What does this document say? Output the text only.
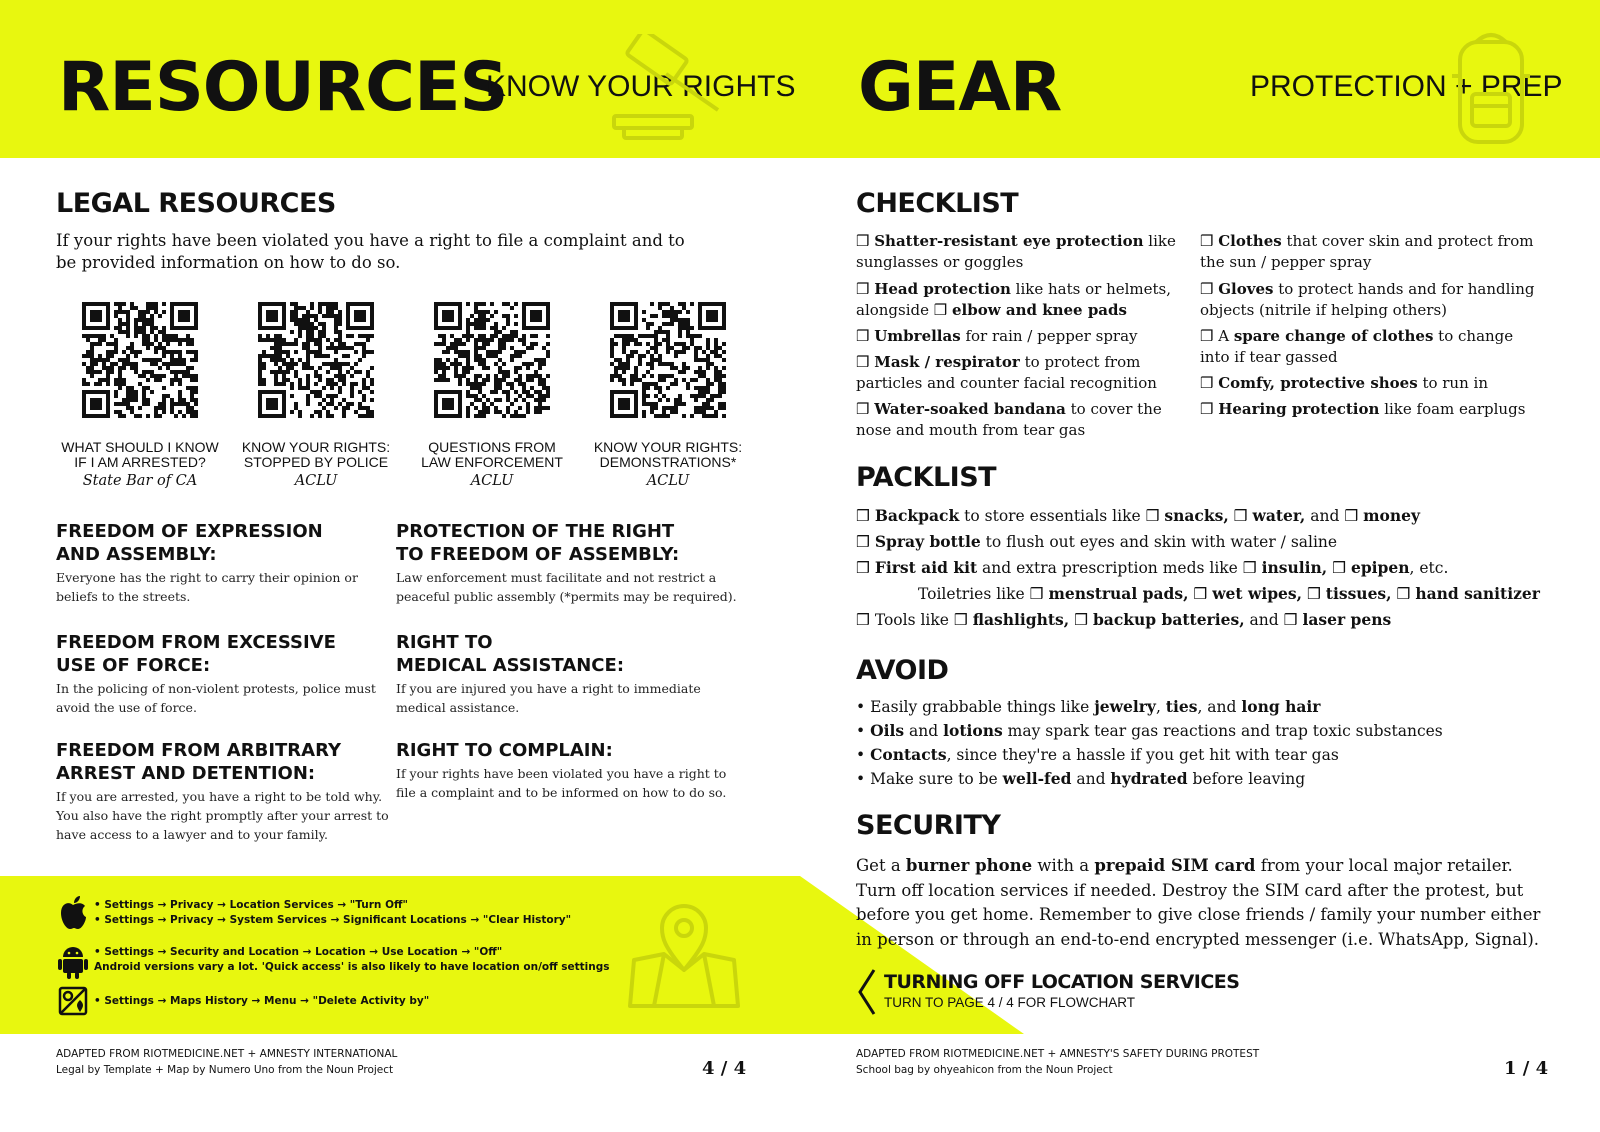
RESOURCES
KNOW YOUR RIGHTS GEAR	PROTECTION + PREP
LEGAL RESOURCES
If your rights have been violated you have a right to file a complaint and to be provided information on how to do so.
WHAT SHOULD I KNOW
IF I AM ARRESTED?
State Bar of CA
KNOW YOUR RIGHTS:
STOPPED BY POLICE
ACLU
QUESTIONS FROM
LAW ENFORCEMENT
ACLU
KNOW YOUR RIGHTS:
DEMONSTRATIONS*
ACLU
FREEDOM OF EXPRESSION
AND ASSEMBLY:
Everyone has the right to carry their opinion or beliefs to the streets.
PROTECTION OF THE RIGHT
TO FREEDOM OF ASSEMBLY:
Law enforcement must facilitate and not restrict a peaceful public assembly (*permits may be required).
FREEDOM FROM EXCESSIVE
USE OF FORCE:
In the policing of non-violent protests, police must avoid the use of force.
RIGHT TO
MEDICAL ASSISTANCE:
If you are injured you have a right to immediate medical assistance.
FREEDOM FROM ARBITRARY
ARREST AND DETENTION:
If you are arrested, you have a right to be told why. You also have the right promptly after your arrest to have access to a lawyer and to your family.
RIGHT TO COMPLAIN:
If your rights have been violated you have a right to file a complaint and to be informed on how to do so.
• Settings → Privacy → Location Services → "Turn Off"
• Settings → Privacy → System Services → Significant Locations → "Clear History"
• Settings → Security and Location → Location → Use Location → "Off"
Android versions vary a lot. 'Quick access' is also likely to have location on/off settings
• Settings → Maps History → Menu → "Delete Activity by"
ADAPTED FROM RIOTMEDICINE.NET + AMNESTY INTERNATIONAL
Legal by Template + Map by Numero Uno from the Noun Project	4 / 4
CHECKLIST
❒ Shatter-resistant eye protection like sunglasses or goggles
❒ Head protection like hats or helmets, alongside ❒ elbow and knee pads
❒ Umbrellas for rain / pepper spray
❒ Mask / respirator to protect from particles and counter facial recognition
❒ Water-soaked bandana to cover the nose and mouth from tear gas
❒ Clothes that cover skin and protect from the sun / pepper spray
❒ Gloves to protect hands and for handling objects (nitrile if helping others)
❒ A spare change of clothes to change into if tear gassed
❒ Comfy, protective shoes to run in
❒ Hearing protection like foam earplugs
PACKLIST
❒ Backpack to store essentials like ❒ snacks, ❒ water, and ❒ money
❒ Spray bottle to flush out eyes and skin with water / saline
❒ First aid kit and extra prescription meds like ❒ insulin, ❒ epipen, etc.
Toiletries like ❒ menstrual pads, ❒ wet wipes, ❒ tissues, ❒ hand sanitizer
❒ Tools like ❒ flashlights, ❒ backup batteries, and ❒ laser pens
AVOID
• Easily grabbable things like jewelry, ties, and long hair
• Oils and lotions may spark tear gas reactions and trap toxic substances
• Contacts, since they're a hassle if you get hit with tear gas
• Make sure to be well-fed and hydrated before leaving
SECURITY
Get a burner phone with a prepaid SIM card from your local major retailer. Turn off location services if needed. Destroy the SIM card after the protest, but before you get home. Remember to give close friends / family your number either in person or through an end-to-end encrypted messenger (i.e. WhatsApp, Signal).
TURNING OFF LOCATION SERVICES
TURN TO PAGE 4 / 4 FOR FLOWCHART
ADAPTED FROM RIOTMEDICINE.NET + AMNESTY'S SAFETY DURING PROTEST
School bag by ohyeahicon from the Noun Project	1 / 4
